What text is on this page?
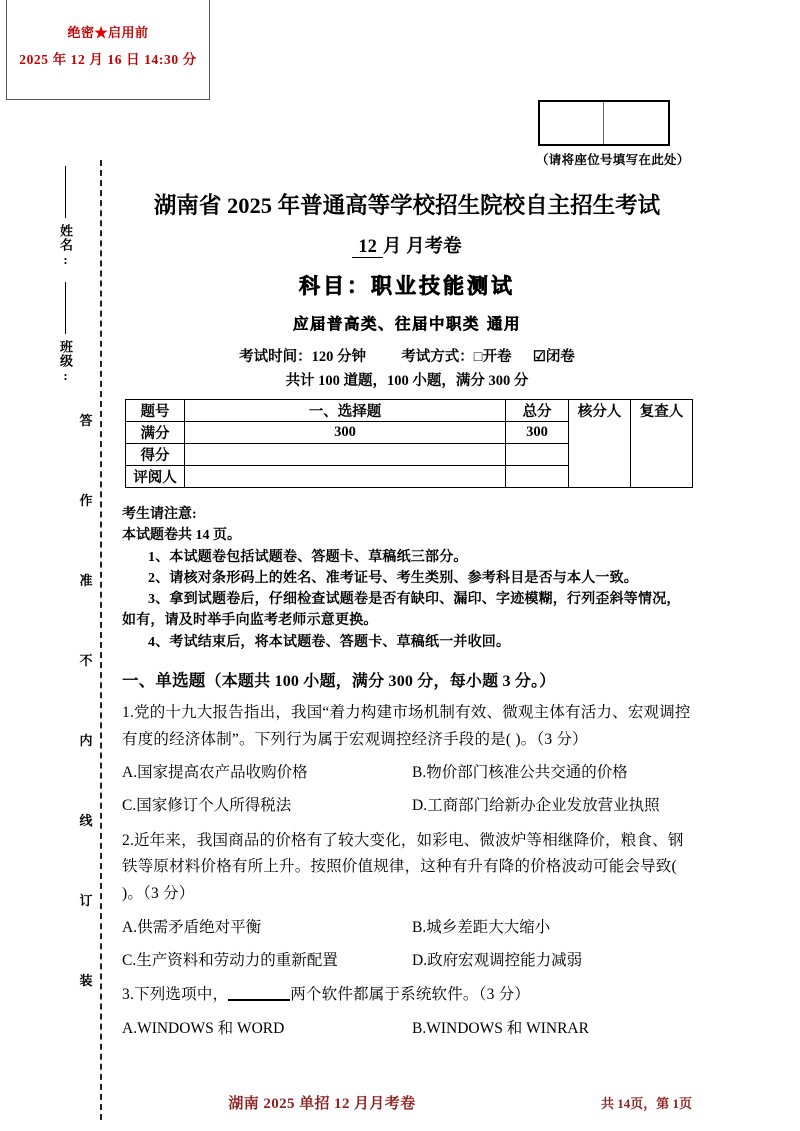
绝密★启用前
2025 年 12 月 16 日 14:30 分
（请将座位号填写在此处）
姓名:
班级:
答
作
准
不
内
线
订
装
湖南省 2025 年普通高等学校招生院校自主招生考试
12 月 月考卷
科目：职业技能测试
应届普高类、往届中职类 通用
考试时间：120 分钟 考试方式：□开卷 ☑闭卷
共计 100 道题，100 小题，满分 300 分
题号	一、选择题	总分	核分人	复查人
满分	300	300		
得分				
评阅人				
考生请注意:
本试题卷共 14 页。
1、本试题卷包括试题卷、答题卡、草稿纸三部分。
2、请核对条形码上的姓名、准考证号、考生类别、参考科目是否与本人一致。
3、拿到试题卷后，仔细检查试题卷是否有缺印、漏印、字迹模糊，行列歪斜等情况，如有，请及时举手向监考老师示意更换。
4、考试结束后，将本试题卷、答题卡、草稿纸一并收回。
一、单选题（本题共 100 小题，满分 300 分，每小题 3 分。）
1.党的十九大报告指出，我国“着力构建市场机制有效、微观主体有活力、宏观调控有度的经济体制”。下列行为属于宏观调控经济手段的是( )。（3 分）
A.国家提高农产品收购价格	B.物价部门核准公共交通的价格
C.国家修订个人所得税法	D.工商部门给新办企业发放营业执照
2.近年来，我国商品的价格有了较大变化，如彩电、微波炉等相继降价，粮食、钢铁等原材料价格有所上升。按照价值规律，这种有升有降的价格波动可能会导致( )。（3 分）
A.供需矛盾绝对平衡	B.城乡差距大大缩小
C.生产资料和劳动力的重新配置	D.政府宏观调控能力减弱
3.下列选项中，	两个软件都属于系统软件。（3 分）
A.WINDOWS 和 WORD	B.WINDOWS 和 WINRAR
湖南 2025 单招 12 月月考卷	共 14页，第 1页
